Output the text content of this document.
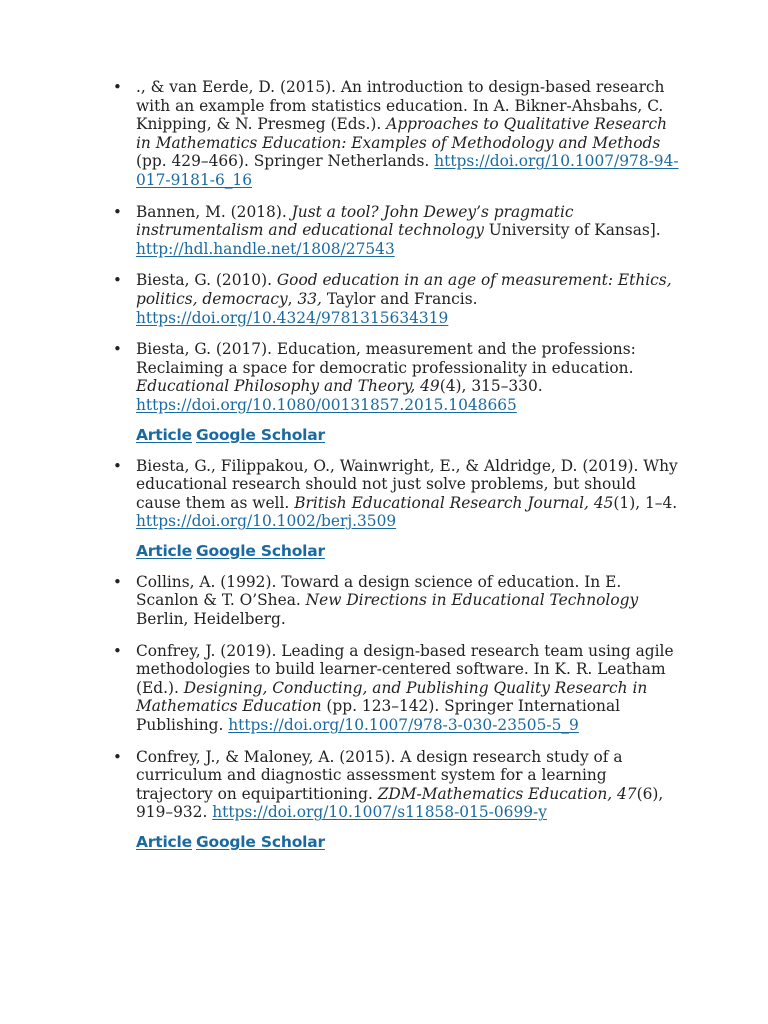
• ., & van Eerde, D. (2015). An introduction to design-based research with an example from statistics education. In A. Bikner-Ahsbahs, C. Knipping, & N. Presmeg (Eds.). Approaches to Qualitative Research in Mathematics Education: Examples of Methodology and Methods (pp. 429–466). Springer Netherlands. https://doi.org/10.1007/978-94-017-9181-6_16
• Bannen, M. (2018). Just a tool? John Dewey’s pragmatic instrumentalism and educational technology University of Kansas]. http://hdl.handle.net/1808/27543
• Biesta, G. (2010). Good education in an age of measurement: Ethics, politics, democracy, 33, Taylor and Francis. https://doi.org/10.4324/9781315634319
• Biesta, G. (2017). Education, measurement and the professions: Reclaiming a space for democratic professionality in education. Educational Philosophy and Theory, 49(4), 315–330. https://doi.org/10.1080/00131857.2015.1048665
Article Google Scholar
• Biesta, G., Filippakou, O., Wainwright, E., & Aldridge, D. (2019). Why educational research should not just solve problems, but should cause them as well. British Educational Research Journal, 45(1), 1–4. https://doi.org/10.1002/berj.3509
Article Google Scholar
• Collins, A. (1992). Toward a design science of education. In E. Scanlon & T. O’Shea. New Directions in Educational Technology Berlin, Heidelberg.
• Confrey, J. (2019). Leading a design-based research team using agile methodologies to build learner-centered software. In K. R. Leatham (Ed.). Designing, Conducting, and Publishing Quality Research in Mathematics Education (pp. 123–142). Springer International Publishing. https://doi.org/10.1007/978-3-030-23505-5_9
• Confrey, J., & Maloney, A. (2015). A design research study of a curriculum and diagnostic assessment system for a learning trajectory on equipartitioning. ZDM-Mathematics Education, 47(6), 919–932. https://doi.org/10.1007/s11858-015-0699-y
Article Google Scholar
